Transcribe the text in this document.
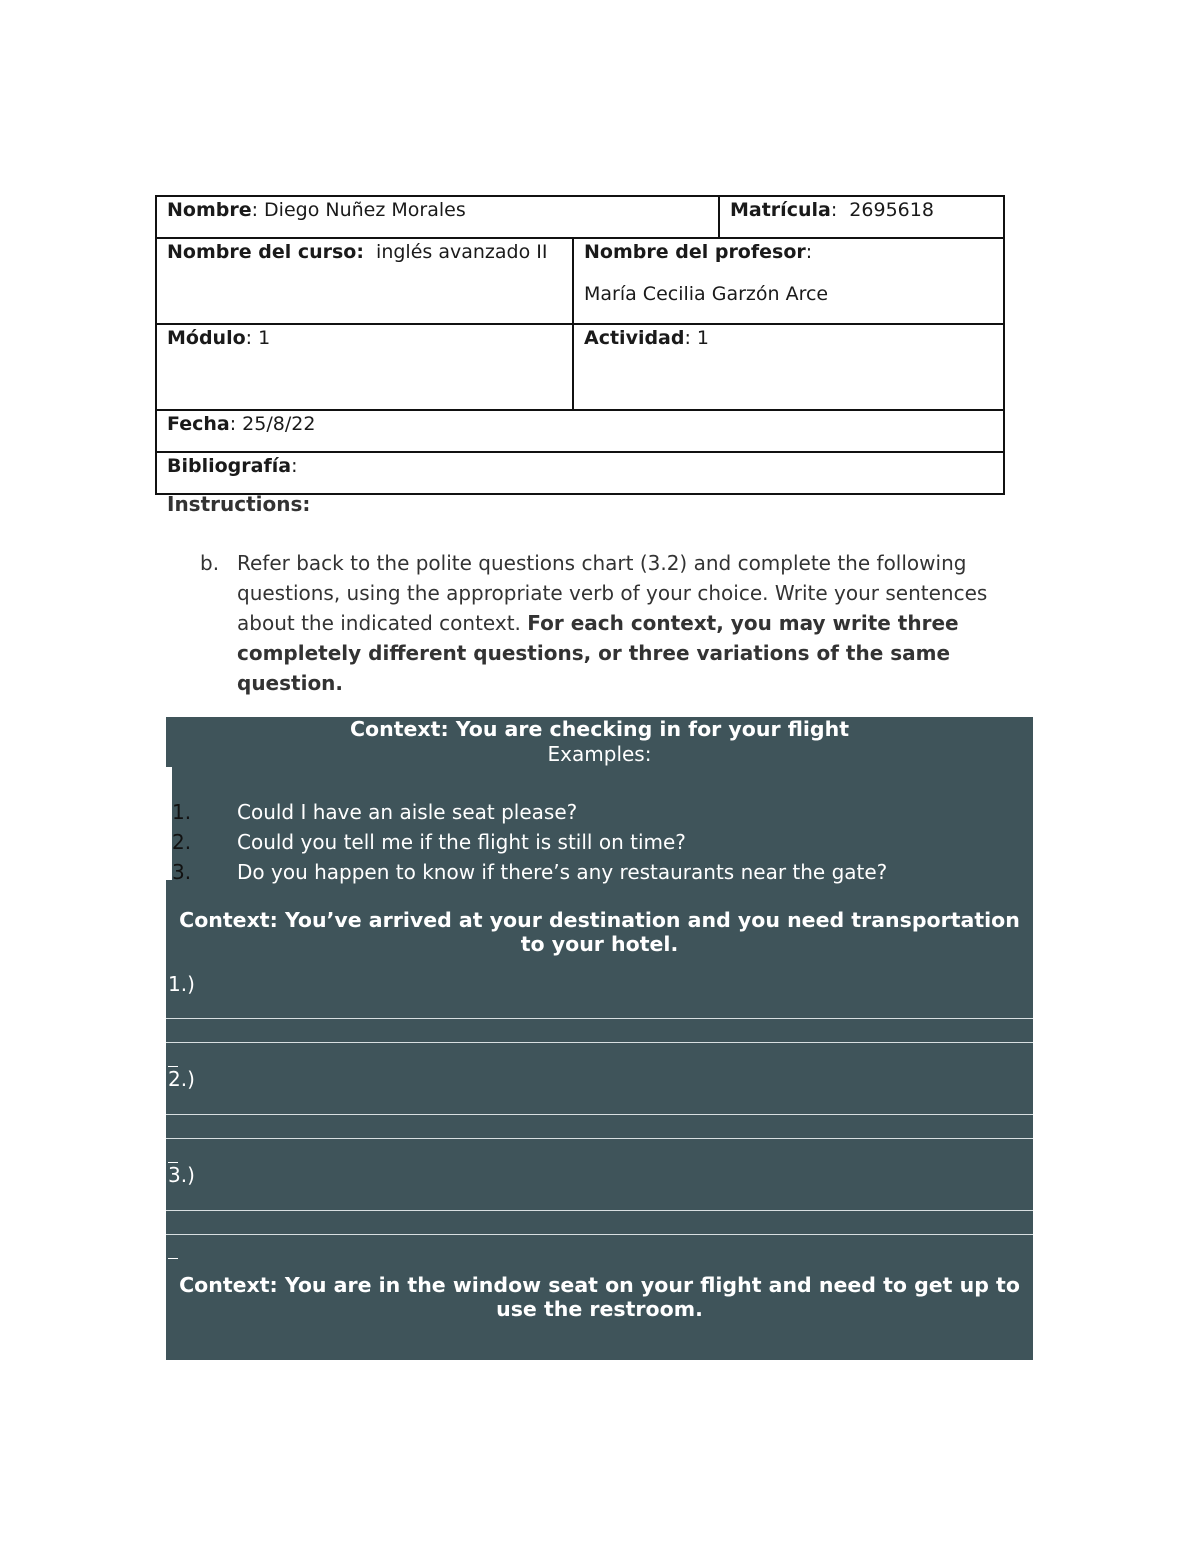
Nombre: Diego Nuñez Morales		Matrícula:  2695618
Nombre del curso:  inglés avanzado II	Nombre del profesor:
María Cecilia Garzón Arce	

Módulo: 1	Actividad: 1	
Fecha: 25/8/22		
Bibliografía:		
Instructions:
b. Refer back to the polite questions chart (3.2) and complete the following questions, using the appropriate verb of your choice. Write your sentences about the indicated context. For each context, you may write three completely different questions, or three variations of the same question.
Context: You are checking in for your flight
Examples:
1. Could I have an aisle seat please?
2. Could you tell me if the flight is still on time?
3. Do you happen to know if there’s any restaurants near the gate?
Context: You’ve arrived at your destination and you need transportation
to your hotel.
1.)
2.)
3.)
Context: You are in the window seat on your flight and need to get up to
use the restroom.
